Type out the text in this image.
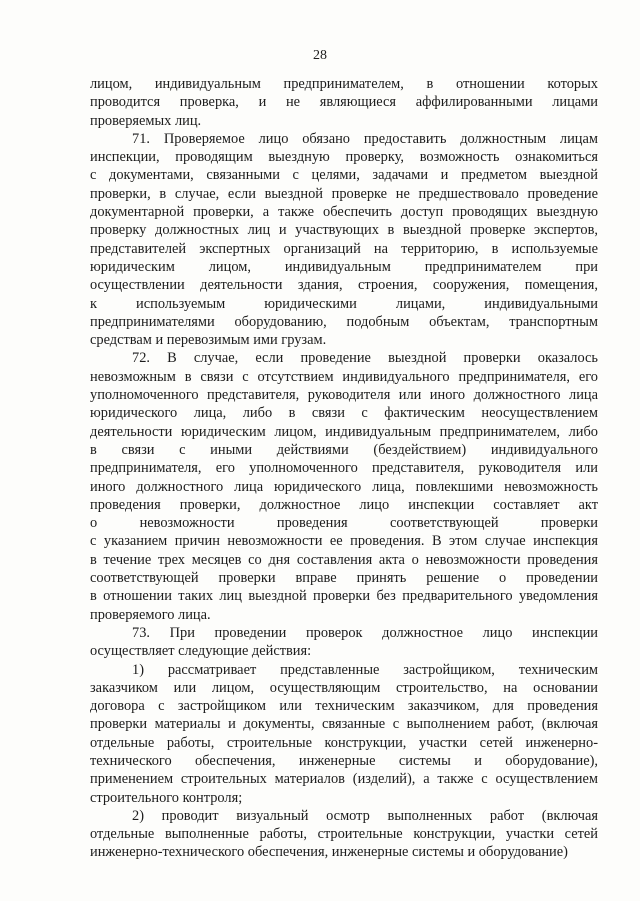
28
лицом, индивидуальным предпринимателем, в отношении которых
проводится проверка, и не являющиеся аффилированными лицами
проверяемых лиц.
71. Проверяемое лицо обязано предоставить должностным лицам
инспекции, проводящим выездную проверку, возможность ознакомиться
с документами, связанными с целями, задачами и предметом выездной
проверки, в случае, если выездной проверке не предшествовало проведение
документарной проверки, а также обеспечить доступ проводящих выездную
проверку должностных лиц и участвующих в выездной проверке экспертов,
представителей экспертных организаций на территорию, в используемые
юридическим лицом, индивидуальным предпринимателем при
осуществлении деятельности здания, строения, сооружения, помещения,
к используемым юридическими лицами, индивидуальными
предпринимателями оборудованию, подобным объектам, транспортным
средствам и перевозимым ими грузам.
72. В случае, если проведение выездной проверки оказалось
невозможным в связи с отсутствием индивидуального предпринимателя, его
уполномоченного представителя, руководителя или иного должностного лица
юридического лица, либо в связи с фактическим неосуществлением
деятельности юридическим лицом, индивидуальным предпринимателем, либо
в связи с иными действиями (бездействием) индивидуального
предпринимателя, его уполномоченного представителя, руководителя или
иного должностного лица юридического лица, повлекшими невозможность
проведения проверки, должностное лицо инспекции составляет акт
о невозможности проведения соответствующей проверки
с указанием причин невозможности ее проведения. В этом случае инспекция
в течение трех месяцев со дня составления акта о невозможности проведения
соответствующей проверки вправе принять решение о проведении
в отношении таких лиц выездной проверки без предварительного уведомления
проверяемого лица.
73. При проведении проверок должностное лицо инспекции
осуществляет следующие действия:
1) рассматривает представленные застройщиком, техническим
заказчиком или лицом, осуществляющим строительство, на основании
договора с застройщиком или техническим заказчиком, для проведения
проверки материалы и документы, связанные с выполнением работ, (включая
отдельные работы, строительные конструкции, участки сетей инженерно-
технического обеспечения, инженерные системы и оборудование),
применением строительных материалов (изделий), а также с осуществлением
строительного контроля;
2) проводит визуальный осмотр выполненных работ (включая
отдельные выполненные работы, строительные конструкции, участки сетей
инженерно-технического обеспечения, инженерные системы и оборудование)
